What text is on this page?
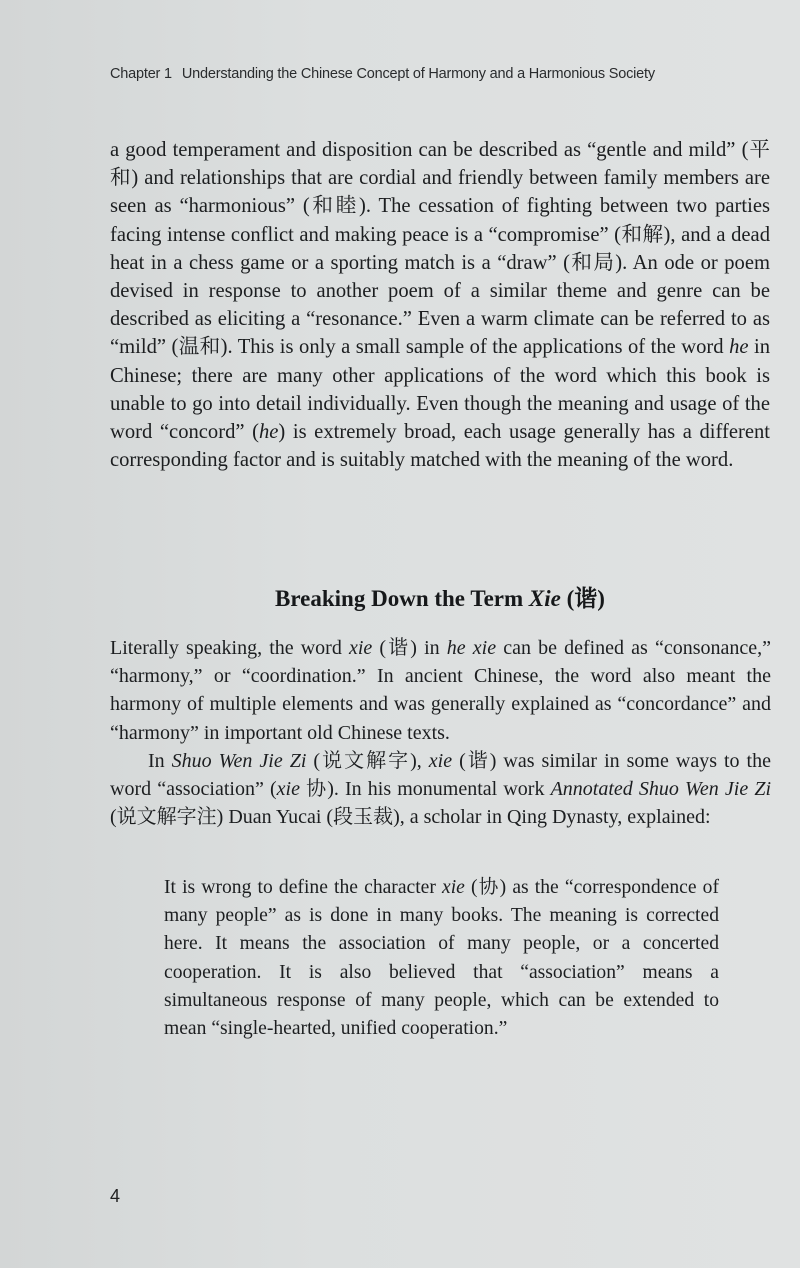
Chapter 1 Understanding the Chinese Concept of Harmony and a Harmonious Society

a good temperament and disposition can be described as “gentle and mild” (平和) and relationships that are cordial and friendly between family members are seen as “harmonious” (和睦). The cessation of fighting between two parties facing intense conflict and making peace is a “compromise” (和解), and a dead heat in a chess game or a sporting match is a “draw” (和局). An ode or poem devised in response to another poem of a similar theme and genre can be described as eliciting a “resonance.” Even a warm climate can be referred to as “mild” (温和). This is only a small sample of the applications of the word he in Chinese; there are many other applications of the word which this book is unable to go into detail individually. Even though the meaning and usage of the word “concord” (he) is extremely broad, each usage generally has a different corresponding factor and is suitably matched with the meaning of the word.

Breaking Down the Term Xie (谐)

Literally speaking, the word xie (谐) in he xie can be defined as “consonance,” “harmony,” or “coordination.” In ancient Chinese, the word also meant the harmony of multiple elements and was generally explained as “concordance” and “harmony” in important old Chinese texts.

In Shuo Wen Jie Zi (说文解字), xie (谐) was similar in some ways to the word “association” (xie 协). In his monumental work Annotated Shuo Wen Jie Zi (说文解字注) Duan Yucai (段玉裁), a scholar in Qing Dynasty, explained:

It is wrong to define the character xie (协) as the “correspondence of many people” as is done in many books. The meaning is corrected here. It means the association of many people, or a concerted cooperation. It is also believed that “association” means a simultaneous response of many people, which can be extended to mean “single-hearted, unified cooperation.”

4
